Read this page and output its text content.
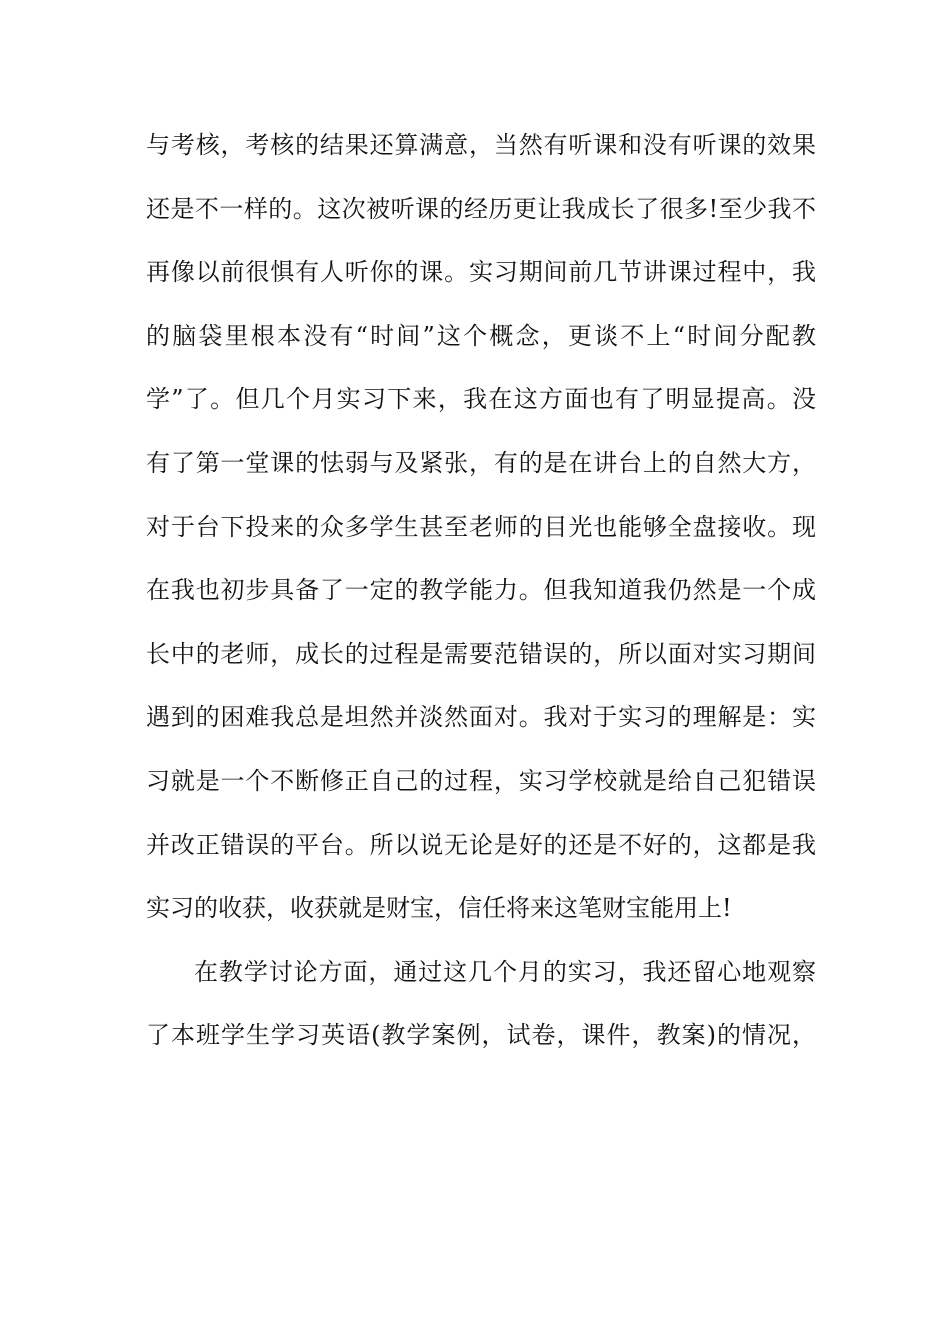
与考核，考核的结果还算满意，当然有听课和没有听课的效果
还是不一样的。这次被听课的经历更让我成长了很多!至少我不
再像以前很惧有人听你的课。实习期间前几节讲课过程中，我
的脑袋里根本没有“时间”这个概念，更谈不上“时间分配教
学”了。但几个月实习下来，我在这方面也有了明显提高。没
有了第一堂课的怯弱与及紧张，有的是在讲台上的自然大方，
对于台下投来的众多学生甚至老师的目光也能够全盘接收。现
在我也初步具备了一定的教学能力。但我知道我仍然是一个成
长中的老师，成长的过程是需要范错误的，所以面对实习期间
遇到的困难我总是坦然并淡然面对。我对于实习的理解是：实
习就是一个不断修正自己的过程，实习学校就是给自己犯错误
并改正错误的平台。所以说无论是好的还是不好的，这都是我
实习的收获，收获就是财宝，信任将来这笔财宝能用上!
在教学讨论方面，通过这几个月的实习，我还留心地观察
了本班学生学习英语(教学案例，试卷，课件，教案)的情况，
